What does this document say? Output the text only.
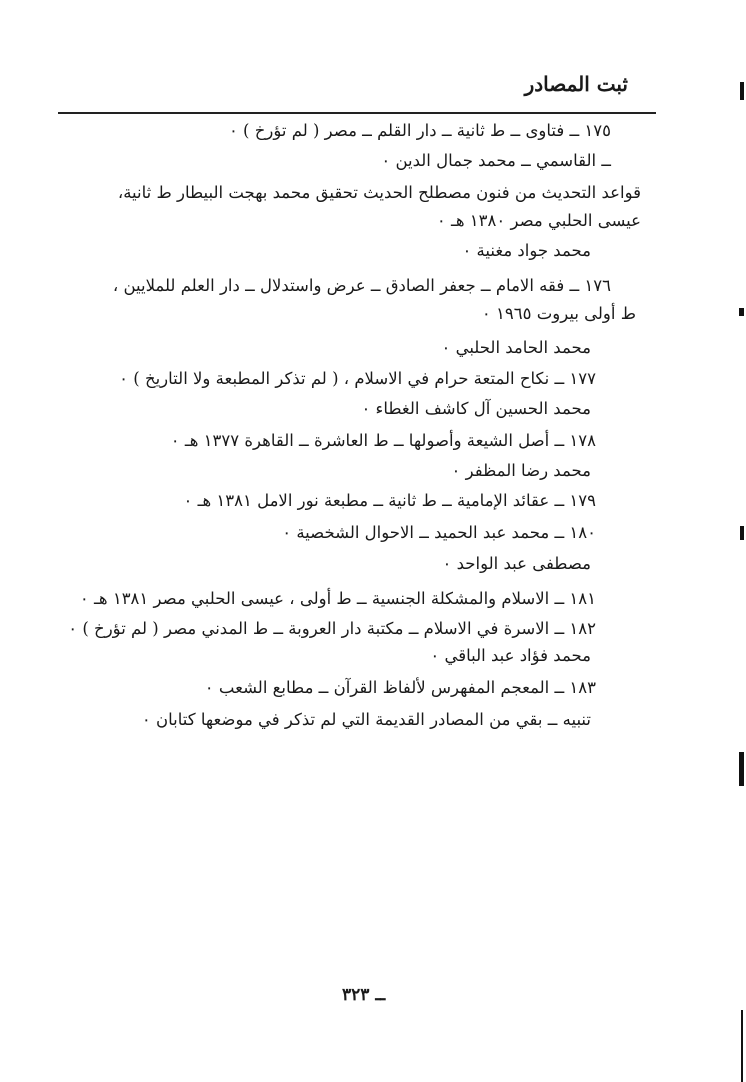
ثبت المصادر
١٧٥ ــ فتاوى ــ ط ثانية ــ دار القلم ــ مصر ( لم تؤرخ ) ٠
ــ القاسمي ــ محمد جمال الدين ٠
قواعد التحديث من فنون مصطلح الحديث تحقيق محمد بهجت البيطار ط ثانية،
عيسى الحلبي مصر ١٣٨٠ هـ ٠
محمد جواد مغنية ٠
١٧٦ ــ فقه الامام ــ جعفر الصادق ــ عرض واستدلال ــ دار العلم للملايين ،
ط أولى بيروت ١٩٦٥ ٠
محمد الحامد الحلبي ٠
١٧٧ ــ نكاح المتعة حرام في الاسلام ، ( لم تذكر المطبعة ولا التاريخ ) ٠
محمد الحسين آل كاشف الغطاء ٠
١٧٨ ــ أصل الشيعة وأصولها ــ ط العاشرة ــ القاهرة ١٣٧٧ هـ ٠
محمد رضا المظفر ٠
١٧٩ ــ عقائد الإمامية ــ ط ثانية ــ مطبعة نور الامل ١٣٨١ هـ ٠
١٨٠ ــ محمد عبد الحميد ــ الاحوال الشخصية ٠
مصطفى عبد الواحد ٠
١٨١ ــ الاسلام والمشكلة الجنسية ــ ط أولى ، عيسى الحلبي مصر ١٣٨١ هـ ٠
١٨٢ ــ الاسرة في الاسلام ــ مكتبة دار العروبة ــ ط المدني مصر ( لم تؤرخ ) ٠
محمد فؤاد عبد الباقي ٠
١٨٣ ــ المعجم المفهرس لألفاظ القرآن ــ مطابع الشعب ٠
تنبيه ــ بقي من المصادر القديمة التي لم تذكر في موضعها كتابان ٠
ــ ٣٢٣
